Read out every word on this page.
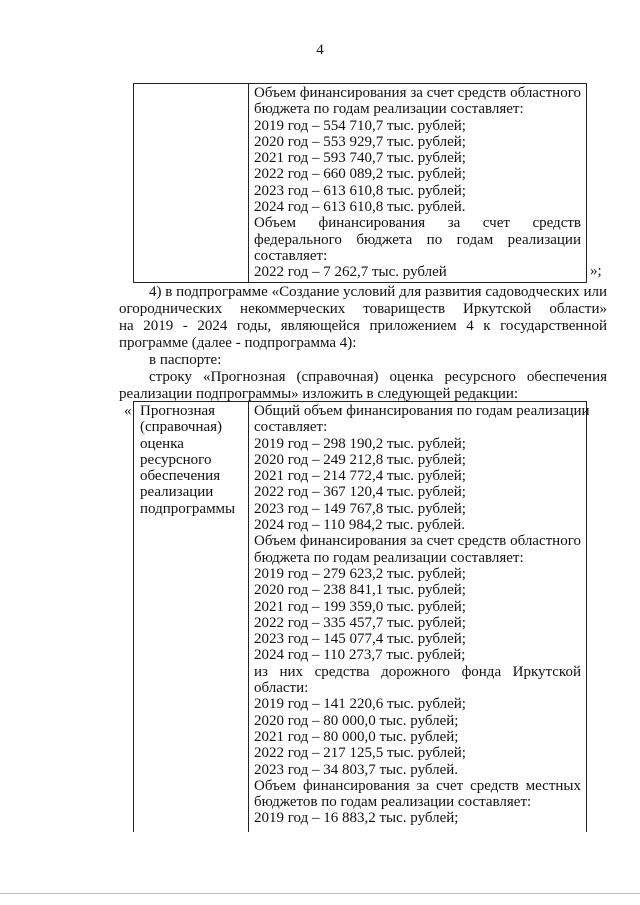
4
Объем финансирования за счет средств областного
бюджета по годам реализации составляет:
2019 год – 554 710,7 тыс. рублей;
2020 год – 553 929,7 тыс. рублей;
2021 год – 593 740,7 тыс. рублей;
2022 год – 660 089,2 тыс. рублей;
2023 год – 613 610,8 тыс. рублей;
2024 год – 613 610,8 тыс. рублей.
Объем финансирования за счет средств
федерального бюджета по годам реализации
составляет:
2022 год – 7 262,7 тыс. рублей	»;
4) в подпрограмме «Создание условий для развития садоводческих или
огороднических некоммерческих товариществ Иркутской области»
на 2019 - 2024 годы, являющейся приложением 4 к государственной
программе (далее - подпрограмма 4):
в паспорте:
строку «Прогнозная (справочная) оценка ресурсного обеспечения
реализации подпрограммы» изложить в следующей редакции:
« Прогнозная
(справочная)
оценка
ресурсного
обеспечения
реализации
подпрограммы
Общий объем финансирования по годам реализации
составляет:
2019 год – 298 190,2 тыс. рублей;
2020 год – 249 212,8 тыс. рублей;
2021 год – 214 772,4 тыс. рублей;
2022 год – 367 120,4 тыс. рублей;
2023 год – 149 767,8 тыс. рублей;
2024 год – 110 984,2 тыс. рублей.
Объем финансирования за счет средств областного
бюджета по годам реализации составляет:
2019 год – 279 623,2 тыс. рублей;
2020 год – 238 841,1 тыс. рублей;
2021 год – 199 359,0 тыс. рублей;
2022 год – 335 457,7 тыс. рублей;
2023 год – 145 077,4 тыс. рублей;
2024 год – 110 273,7 тыс. рублей;
из них средства дорожного фонда Иркутской
области:
2019 год – 141 220,6 тыс. рублей;
2020 год – 80 000,0 тыс. рублей;
2021 год – 80 000,0 тыс. рублей;
2022 год – 217 125,5 тыс. рублей;
2023 год – 34 803,7 тыс. рублей.
Объем финансирования за счет средств местных
бюджетов по годам реализации составляет:
2019 год – 16 883,2 тыс. рублей;
